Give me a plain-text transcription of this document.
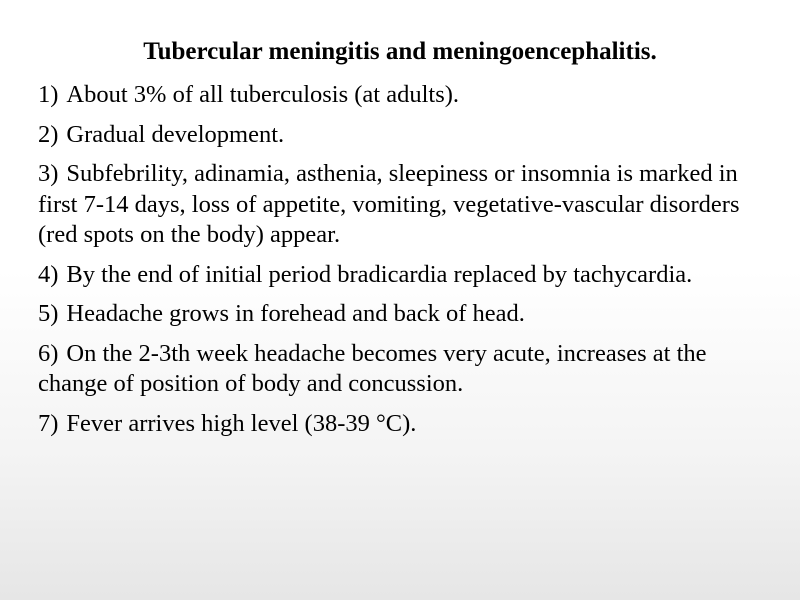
Tubercular meningitis and meningoencephalitis.
1) About 3% of all tuberculosis (at adults).
2) Gradual development.
3) Subfebrility, adinamia, asthenia, sleepiness or insomnia is marked in first 7-14 days, loss of appetite, vomiting, vegetative-vascular disorders (red spots on the body) appear.
4) By the end of initial period bradicardia replaced by tachycardia.
5) Headache grows in forehead and back of head.
6) On the 2-3th week headache becomes very acute, increases at the change of position of body and concussion.
7) Fever arrives high level (38-39 °C).
